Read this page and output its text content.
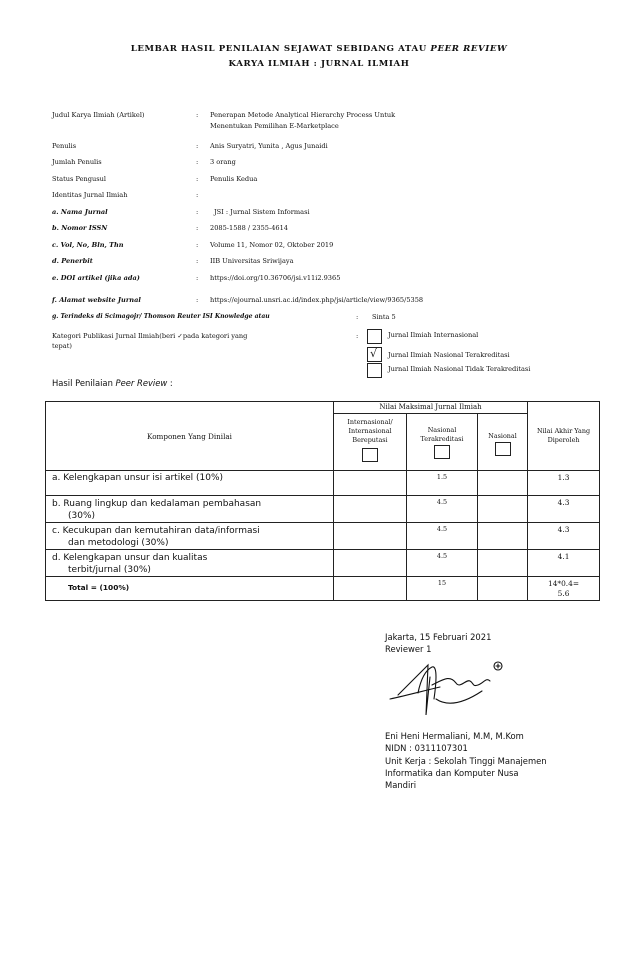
LEMBAR HASIL PENILAIAN SEJAWAT SEBIDANG ATAU PEER REVIEW
KARYA ILMIAH : JURNAL ILMIAH
Judul Karya Ilmiah (Artikel)	: Penerapan Metode Analytical Hierarchy Process Untuk
Menentukan Pemilihan E-Marketplace
Penulis	: Anis Suryatri, Yunita , Agus Junaidi
Jumlah Penulis	: 3 orang
Status Pengusul	: Penulis Kedua
Identitas Jurnal Ilmiah	:
a. Nama Jurnal	: JSI : Jurnal Sistem Informasi
b. Nomor ISSN	: 2085-1588 / 2355-4614
c. Vol, No, Bln, Thn	: Volume 11, Nomor 02, Oktober 2019
d. Penerbit	: IIB Universitas Sriwijaya
e. DOI artikel (jika ada)	: https://doi.org/10.36706/jsi.v11i2.9365
f. Alamat website Jurnal	: https://ejournal.unsri.ac.id/index.php/jsi/article/view/9365/5358
g. Terindeks di Scimagojr/ Thomson Reuter ISI Knowledge atau	: Sinta 5
Kategori Publikasi Jurnal Ilmiah(beri ✓pada kategori yang
tepat)
:	Jurnal Ilmiah Internasional
√ Jurnal Ilmiah Nasional Terakreditasi
Jurnal Ilmiah Nasional Tidak Terakreditasi
Hasil Penilaian Peer Review :
Komponen Yang Dinilai	Nilai Maksimal Jurnal Ilmiah			Nilai Akhir Yang Diperoleh

	Internasional/ Internasional Bereputasi	Nasional Terakreditasi	Nasional	

a. Kelengkapan unsur isi artikel (10%)		1.5		1.3

b. Ruang lingkup dan kedalaman pembahasan
(30%)		4.5		4.3

c. Kecukupan dan kemutahiran data/informasi
dan metodologi (30%)		4.5		4.3

d. Kelengkapan unsur dan kualitas
terbit/jurnal (30%)		4.5		4.1
Total = (100%)		15		14*0.4=
5.6
Jakarta, 15 Februari 2021
Reviewer 1
Eni Heni Hermaliani, M.M, M.Kom
NIDN : 0311107301
Unit Kerja : Sekolah Tinggi Manajemen
Informatika dan Komputer Nusa
Mandiri
